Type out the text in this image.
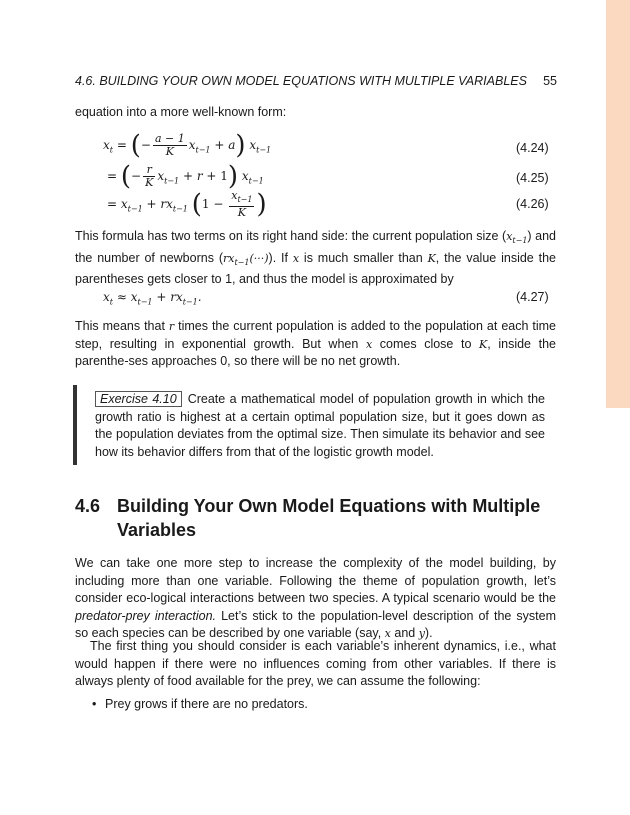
4.6. BUILDING YOUR OWN MODEL EQUATIONS WITH MULTIPLE VARIABLES 55

equation into a more well-known form:

$x_t$ = (− $\frac{a - 1}{K} x_{t-1} + a$) $x_{t-1}$	(4.24)
= (− $\frac{r}{K} x_{t-1} + r + 1$) $x_{t-1}$	(4.25)
= $x_{t-1} + rx_{t-1}$ ($1 - \frac{x_{t-1}}{K}$ )	(4.26)

This formula has two terms on its right hand side: the current population size $(x_{t-1})$ and the number of newborns $(rx_{t-1}(\cdot\cdot\cdot))$. If x is much smaller than K, the value inside the parentheses gets closer to 1, and thus the model is approximated by

$x_t \approx x_{t-1} + rx_{t-1}$.	(4.27)

This means that r times the current population is added to the population at each time step, resulting in exponential growth. But when x comes close to K, inside the parenthe-ses approaches 0, so there will be no net growth.

Exercise 4.10 Create a mathematical model of population growth in which the growth ratio is highest at a certain optimal population size, but it goes down as the population deviates from the optimal size. Then simulate its behavior and see how its behavior differs from that of the logistic growth model.

4.6 Building Your Own Model Equations with Multiple Variables

We can take one more step to increase the complexity of the model building, by including more than one variable. Following the theme of population growth, let’s consider eco-logical interactions between two species. A typical scenario would be the predator-prey interaction. Let’s stick to the population-level description of the system so each species can be described by one variable (say, x and y).

The first thing you should consider is each variable’s inherent dynamics, i.e., what would happen if there were no influences coming from other variables. If there is always plenty of food available for the prey, we can assume the following:

• Prey grows if there are no predators.
